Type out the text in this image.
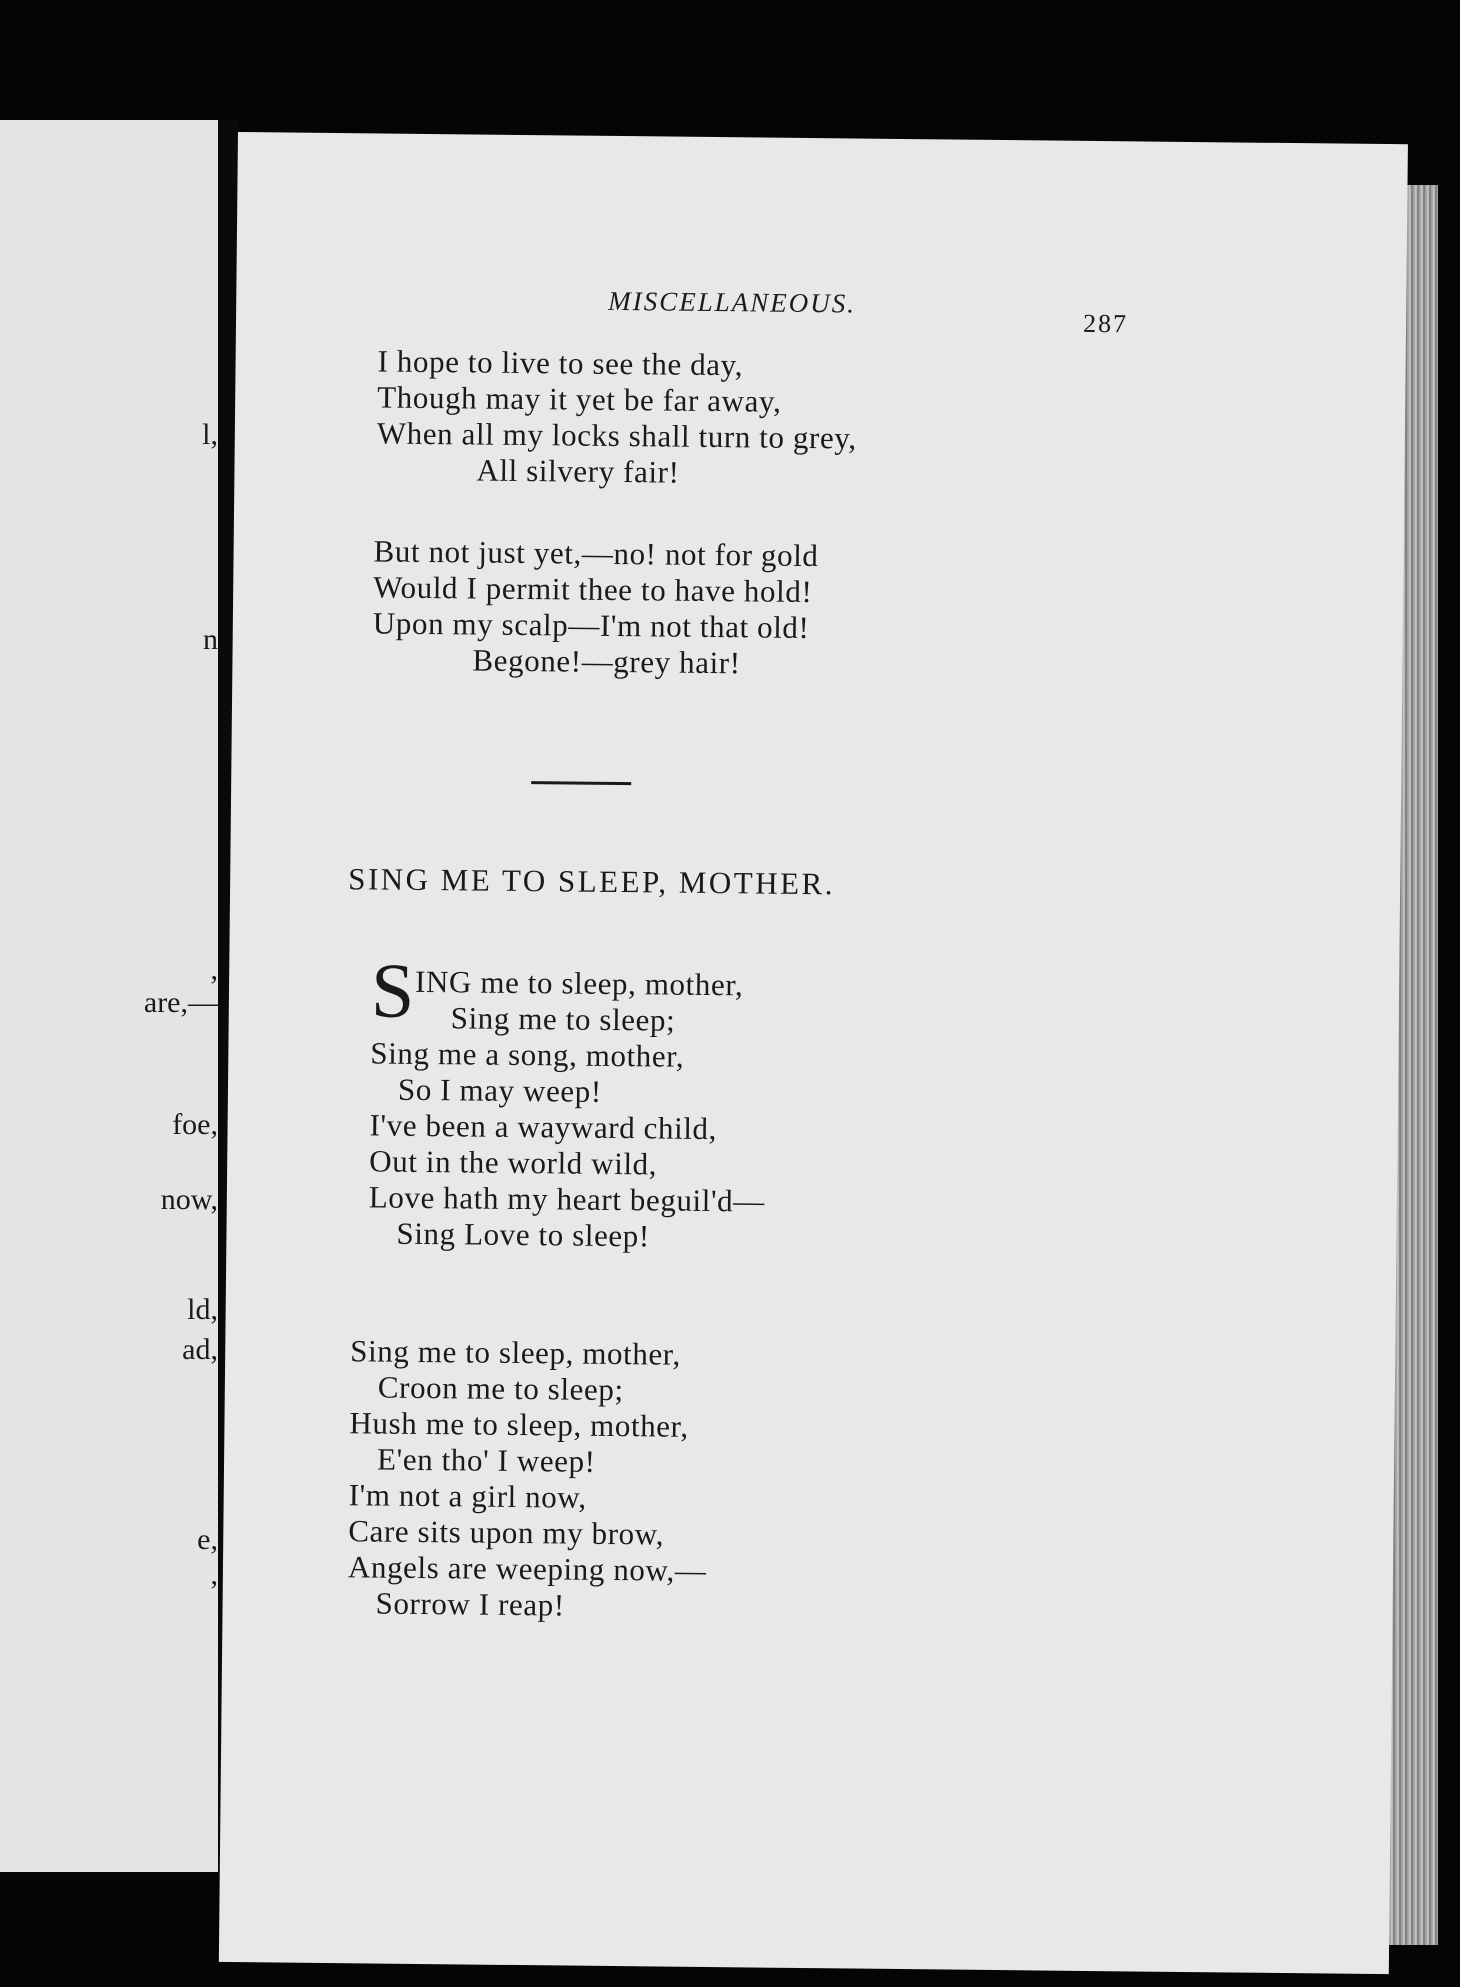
l,
n
,
are,—
foe,
now,
ld,
ad,
e,
,
MISCELLANEOUS.
287
I hope to live to see the day,
Though may it yet be far away,
When all my locks shall turn to grey,
All silvery fair!
But not just yet,—no! not for gold
Would I permit thee to have hold!
Upon my scalp—I'm not that old!
Begone!—grey hair!
SING ME TO SLEEP, MOTHER.
S ING me to sleep, mother,
Sing me to sleep;
Sing me a song, mother,
So I may weep!
I've been a wayward child,
Out in the world wild,
Love hath my heart beguil'd—
Sing Love to sleep!
Sing me to sleep, mother,
Croon me to sleep;
Hush me to sleep, mother,
E'en tho' I weep!
I'm not a girl now,
Care sits upon my brow,
Angels are weeping now,—
Sorrow I reap!
